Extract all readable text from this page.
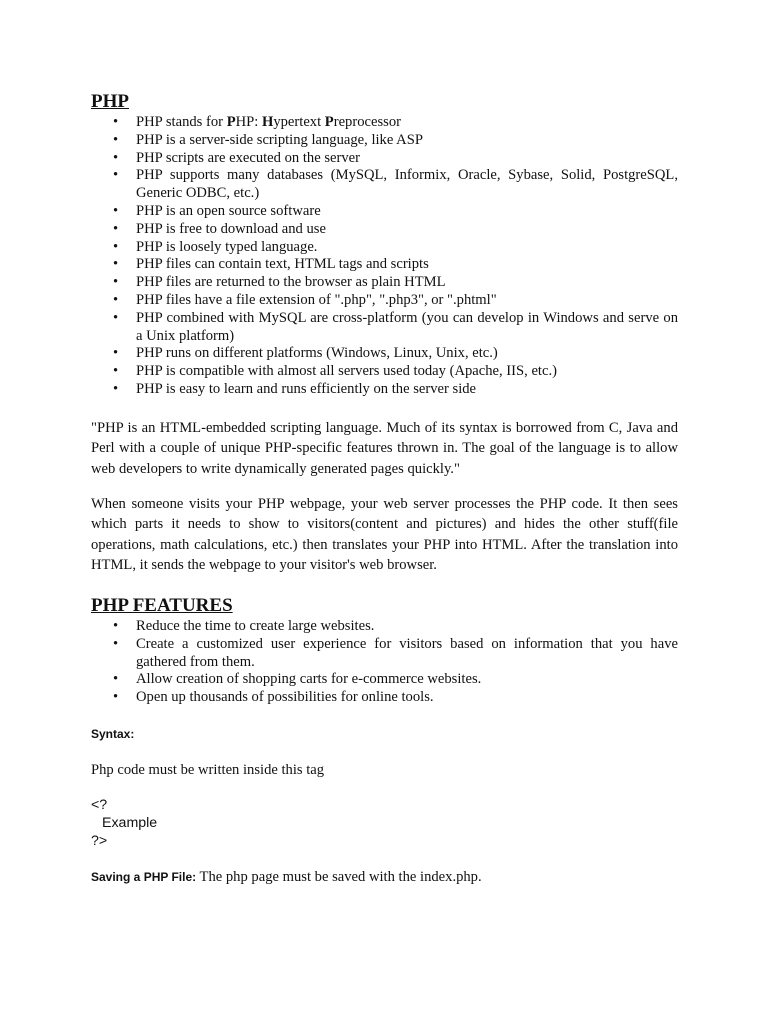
PHP
• PHP stands for PHP: Hypertext Preprocessor
• PHP is a server-side scripting language, like ASP
• PHP scripts are executed on the server
• PHP supports many databases (MySQL, Informix, Oracle, Sybase, Solid, PostgreSQL, Generic ODBC, etc.)
• PHP is an open source software
• PHP is free to download and use
• PHP is loosely typed language.
• PHP files can contain text, HTML tags and scripts
• PHP files are returned to the browser as plain HTML
• PHP files have a file extension of ".php", ".php3", or ".phtml"
• PHP combined with MySQL are cross-platform (you can develop in Windows and serve on a Unix platform)
• PHP runs on different platforms (Windows, Linux, Unix, etc.)
• PHP is compatible with almost all servers used today (Apache, IIS, etc.)
• PHP is easy to learn and runs efficiently on the server side

"PHP is an HTML-embedded scripting language. Much of its syntax is borrowed from C, Java and Perl with a couple of unique PHP-specific features thrown in. The goal of the language is to allow web developers to write dynamically generated pages quickly."

When someone visits your PHP webpage, your web server processes the PHP code. It then sees which parts it needs to show to visitors(content and pictures) and hides the other stuff(file operations, math calculations, etc.) then translates your PHP into HTML. After the translation into HTML, it sends the webpage to your visitor's web browser.

PHP FEATURES
• Reduce the time to create large websites.
• Create a customized user experience for visitors based on information that you have gathered from them.
• Allow creation of shopping carts for e-commerce websites.
• Open up thousands of possibilities for online tools.
Syntax:

Php code must be written inside this tag

<?
Example
?>
Saving a PHP File: The php page must be saved with the index.php.
